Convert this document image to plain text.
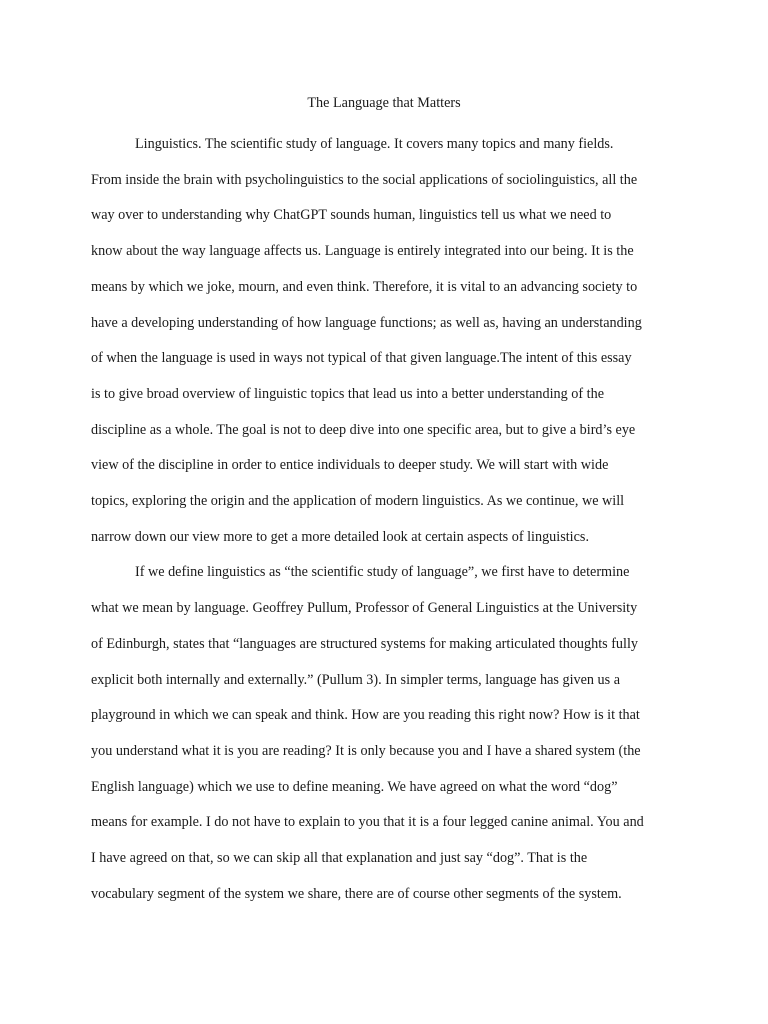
The Language that Matters
Linguistics. The scientific study of language. It covers many topics and many fields.
From inside the brain with psycholinguistics to the social applications of sociolinguistics, all the
way over to understanding why ChatGPT sounds human, linguistics tell us what we need to
know about the way language affects us. Language is entirely integrated into our being. It is the
means by which we joke, mourn, and even think. Therefore, it is vital to an advancing society to
have a developing understanding of how language functions; as well as, having an understanding
of when the language is used in ways not typical of that given language.The intent of this essay
is to give broad overview of linguistic topics that lead us into a better understanding of the
discipline as a whole. The goal is not to deep dive into one specific area, but to give a bird’s eye
view of the discipline in order to entice individuals to deeper study. We will start with wide
topics, exploring the origin and the application of modern linguistics. As we continue, we will
narrow down our view more to get a more detailed look at certain aspects of linguistics.
If we define linguistics as “the scientific study of language”, we first have to determine
what we mean by language. Geoffrey Pullum, Professor of General Linguistics at the University
of Edinburgh, states that “languages are structured systems for making articulated thoughts fully
explicit both internally and externally.” (Pullum 3). In simpler terms, language has given us a
playground in which we can speak and think. How are you reading this right now? How is it that
you understand what it is you are reading? It is only because you and I have a shared system (the
English language) which we use to define meaning. We have agreed on what the word “dog”
means for example. I do not have to explain to you that it is a four legged canine animal. You and
I have agreed on that, so we can skip all that explanation and just say “dog”. That is the
vocabulary segment of the system we share, there are of course other segments of the system.
